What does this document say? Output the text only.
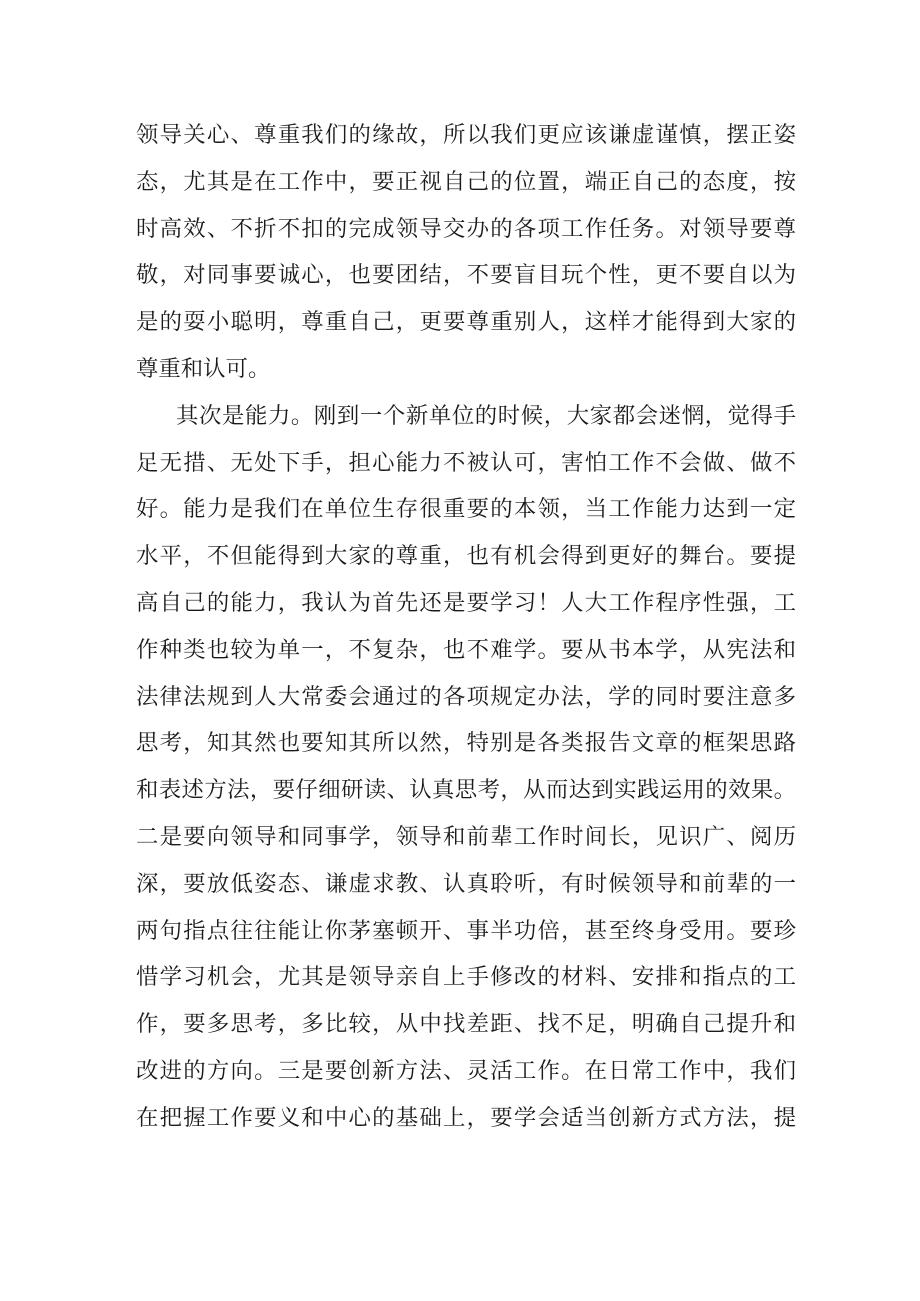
领导关心、尊重我们的缘故，所以我们更应该谦虚谨慎，摆正姿
态，尤其是在工作中，要正视自己的位置，端正自己的态度，按
时高效、不折不扣的完成领导交办的各项工作任务。对领导要尊
敬，对同事要诚心，也要团结，不要盲目玩个性，更不要自以为
是的耍小聪明，尊重自己，更要尊重别人，这样才能得到大家的
尊重和认可。
其次是能力。刚到一个新单位的时候，大家都会迷惘，觉得手
足无措、无处下手，担心能力不被认可，害怕工作不会做、做不
好。能力是我们在单位生存很重要的本领，当工作能力达到一定
水平，不但能得到大家的尊重，也有机会得到更好的舞台。要提
高自己的能力，我认为首先还是要学习！人大工作程序性强，工
作种类也较为单一，不复杂，也不难学。要从书本学，从宪法和
法律法规到人大常委会通过的各项规定办法，学的同时要注意多
思考，知其然也要知其所以然，特别是各类报告文章的框架思路
和表述方法，要仔细研读、认真思考，从而达到实践运用的效果。
二是要向领导和同事学，领导和前辈工作时间长，见识广、阅历
深，要放低姿态、谦虚求教、认真聆听，有时候领导和前辈的一
两句指点往往能让你茅塞顿开、事半功倍，甚至终身受用。要珍
惜学习机会，尤其是领导亲自上手修改的材料、安排和指点的工
作，要多思考，多比较，从中找差距、找不足，明确自己提升和
改进的方向。三是要创新方法、灵活工作。在日常工作中，我们
在把握工作要义和中心的基础上，要学会适当创新方式方法，提
